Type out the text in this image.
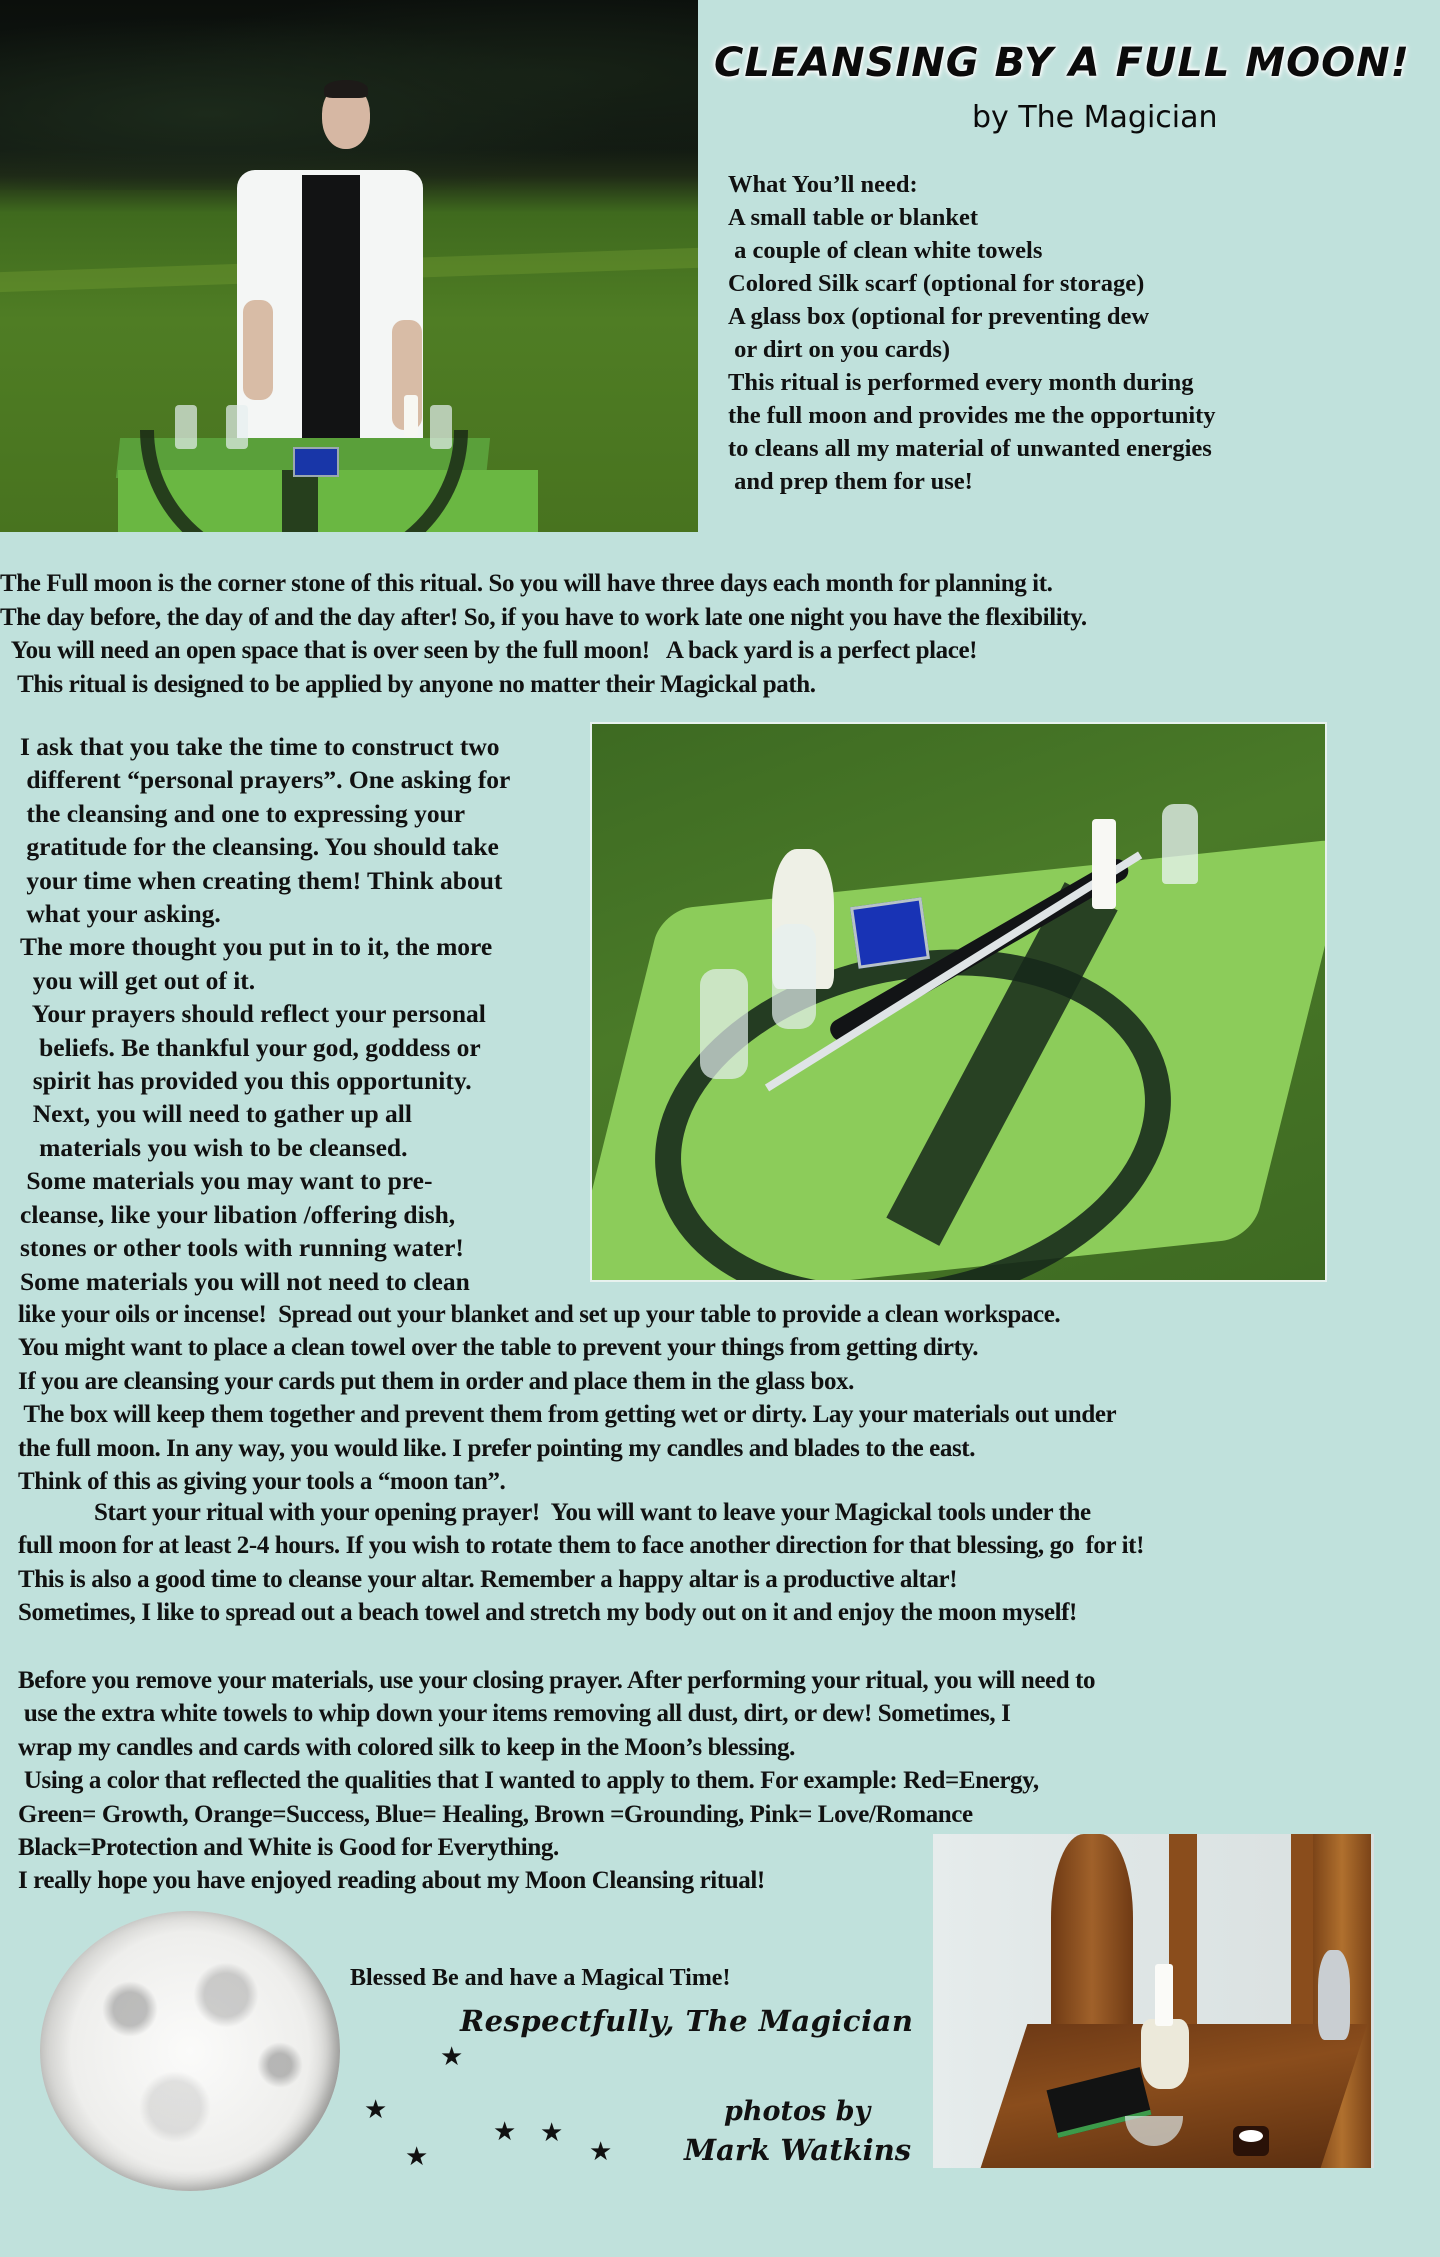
CLEANSING BY A FULL MOON!
by The Magician
What You’ll need:
A small table or blanket
a couple of clean white towels
Colored Silk scarf (optional for storage)
A glass box (optional for preventing dew
or dirt on you cards)
This ritual is performed every month during
the full moon and provides me the opportunity
to cleans all my material of unwanted energies
and prep them for use!
The Full moon is the corner stone of this ritual. So you will have three days each month for planning it.
The day before, the day of and the day after! So, if you have to work late one night you have the flexibility.
You will need an open space that is over seen by the full moon!   A back yard is a perfect place!
This ritual is designed to be applied by anyone no matter their Magickal path.
I ask that you take the time to construct two
different “personal prayers”. One asking for
the cleansing and one to expressing your
gratitude for the cleansing. You should take
your time when creating them! Think about
what your asking.
The more thought you put in to it, the more
you will get out of it.
Your prayers should reflect your personal
beliefs. Be thankful your god, goddess or
spirit has provided you this opportunity.
Next, you will need to gather up all
materials you wish to be cleansed.
Some materials you may want to pre-
cleanse, like your libation /offering dish,
stones or other tools with running water!
Some materials you will not need to clean
like your oils or incense!  Spread out your blanket and set up your table to provide a clean workspace.
You might want to place a clean towel over the table to prevent your things from getting dirty.
If you are cleansing your cards put them in order and place them in the glass box.
The box will keep them together and prevent them from getting wet or dirty. Lay your materials out under
the full moon. In any way, you would like. I prefer pointing my candles and blades to the east.
Think of this as giving your tools a “moon tan”.
Start your ritual with your opening prayer!  You will want to leave your Magickal tools under the
full moon for at least 2-4 hours. If you wish to rotate them to face another direction for that blessing, go  for it!
This is also a good time to cleanse your altar. Remember a happy altar is a productive altar!
Sometimes, I like to spread out a beach towel and stretch my body out on it and enjoy the moon myself!
Before you remove your materials, use your closing prayer. After performing your ritual, you will need to
use the extra white towels to whip down your items removing all dust, dirt, or dew! Sometimes, I
wrap my candles and cards with colored silk to keep in the Moon’s blessing.
Using a color that reflected the qualities that I wanted to apply to them. For example: Red=Energy,
Green= Growth, Orange=Success, Blue= Healing, Brown =Grounding, Pink= Love/Romance
Black=Protection and White is Good for Everything.
I really hope you have enjoyed reading about my Moon Cleansing ritual!
Blessed Be and have a Magical Time!
Respectfully, The Magician
photos by
Mark Watkins
★
★
★
★ ★
★
